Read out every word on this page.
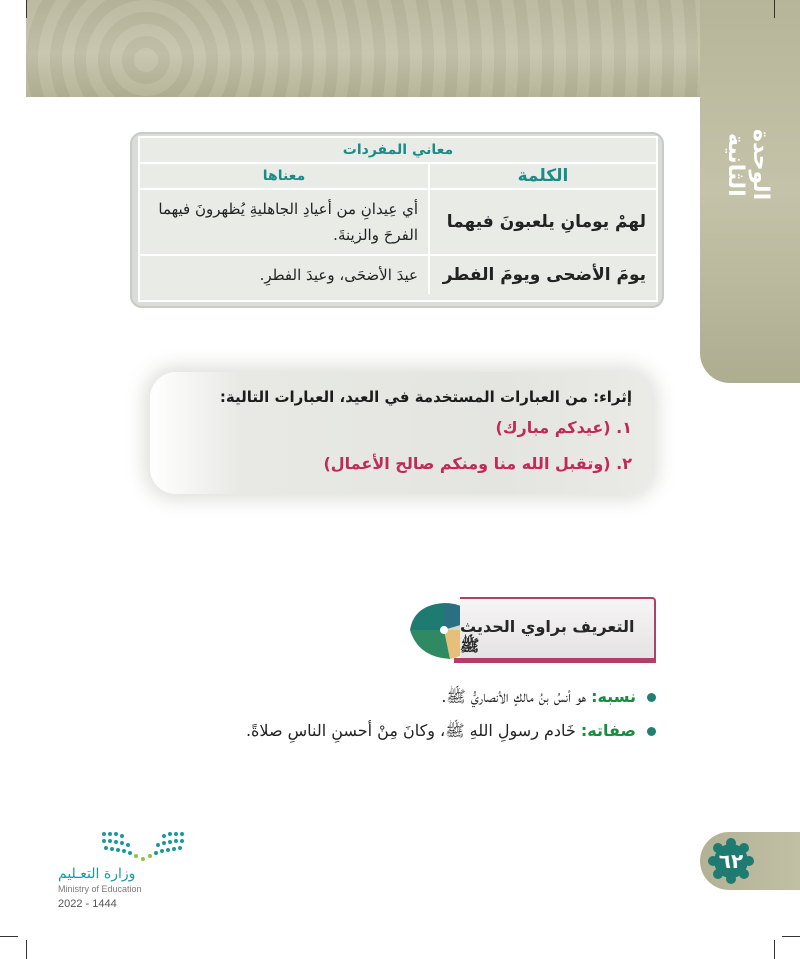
الوحدة الثانية
معاني المفردات
الكلمة	معناها
لهمْ يومانِ يلعبونَ فيهما	أي عِيدانِ من أعيادِ الجاهليةِ يُظهرونَ فيهما الفرحَ والزينةَ.
يومَ الأضحى ويومَ الفطر	عيدَ الأضحَى، وعيدَ الفطرِ.
إثراء: من العبارات المستخدمة في العيد، العبارات التالية:
١. (عيدكم مبارك)
٢. (وتقبل الله منا ومنكم صالح الأعمال)
التعريف براوي الحديث ﷺ
نسبه: هو أنسُ بنُ مالكٍ الأنصاريُّ ﷺ.
صفاته: خَادم رسولِ اللهِ ﷺ، وكانَ مِنْ أحسنِ الناسِ صلاةً.
وزارة التعـليم
Ministry of Education
2022 - 1444
٦٢
